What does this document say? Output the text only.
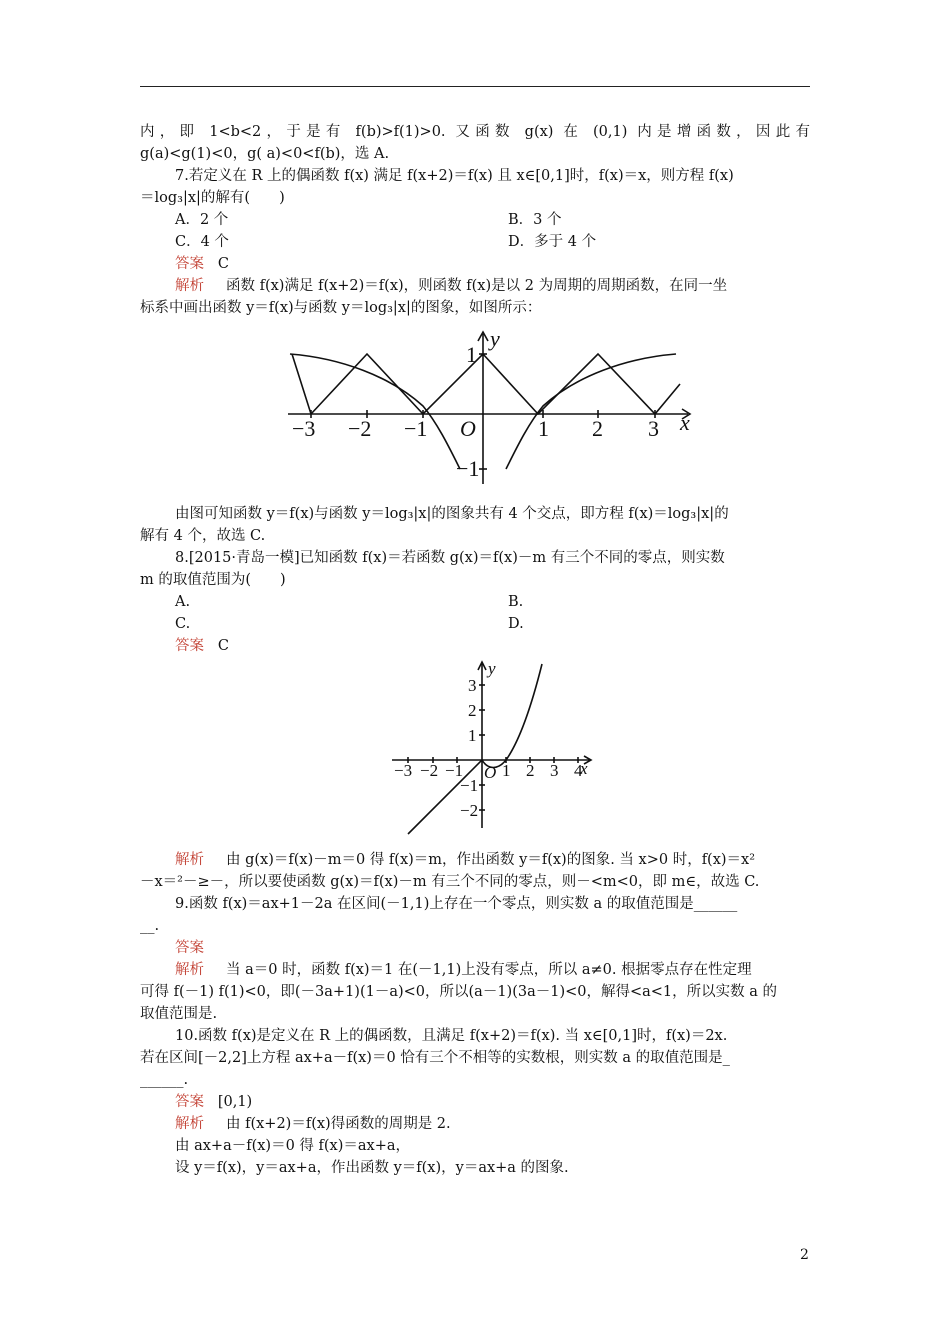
内，即 1<b<2，于是有 f(b)>f(1)>0. 又函数 g(x) 在 (0,1) 内是增函数，因此有
g(a)<g(1)<0，g( a)<0<f(b)，选 A.
7.若定义在 R 上的偶函数 f(x) 满足 f(x+2)＝f(x) 且 x∈[0,1]时，f(x)＝x，则方程 f(x)
＝log₃|x|的解有(　　)
A．2 个	B．3 个
C．4 个	D．多于 4 个
答案 C
解析 函数 f(x)满足 f(x+2)＝f(x)，则函数 f(x)是以 2 为周期的周期函数，在同一坐
标系中画出函数 y＝f(x)与函数 y＝log₃|x|的图象，如图所示：
−3 −2 −1	1 2 3
1
−1
O	x
y
由图可知函数 y＝f(x)与函数 y＝log₃|x|的图象共有 4 个交点，即方程 f(x)＝log₃|x|的
解有 4 个，故选 C.
8.[2015·青岛一模]已知函数 f(x)＝若函数 g(x)＝f(x)－m 有三个不同的零点，则实数
m 的取值范围为(　　)
A.	B.
C.	D.
答案 C
−3 −2 −1 1 2 3 4
3
2
1
−1
−2
O	x
y
解析 由 g(x)＝f(x)－m＝0 得 f(x)＝m，作出函数 y＝f(x)的图象. 当 x>0 时，f(x)＝x²
－x＝²－≥－，所以要使函数 g(x)＝f(x)－m 有三个不同的零点，则－<m<0，即 m∈，故选 C.
9.函数 f(x)＝ax+1－2a 在区间(－1,1)上存在一个零点，则实数 a 的取值范围是______
__.
答案
解析 当 a＝0 时，函数 f(x)＝1 在(－1,1)上没有零点，所以 a≠0. 根据零点存在性定理
可得 f(－1) f(1)<0，即(－3a+1)(1－a)<0，所以(a－1)(3a－1)<0，解得<a<1，所以实数 a 的
取值范围是.
10.函数 f(x)是定义在 R 上的偶函数，且满足 f(x+2)＝f(x). 当 x∈[0,1]时，f(x)＝2x.
若在区间[－2,2]上方程 ax+a－f(x)＝0 恰有三个不相等的实数根，则实数 a 的取值范围是_
______.
答案 [0,1)
解析 由 f(x+2)＝f(x)得函数的周期是 2.
由 ax+a－f(x)＝0 得 f(x)＝ax+a，
设 y＝f(x)，y＝ax+a，作出函数 y＝f(x)，y＝ax+a 的图象.
2
